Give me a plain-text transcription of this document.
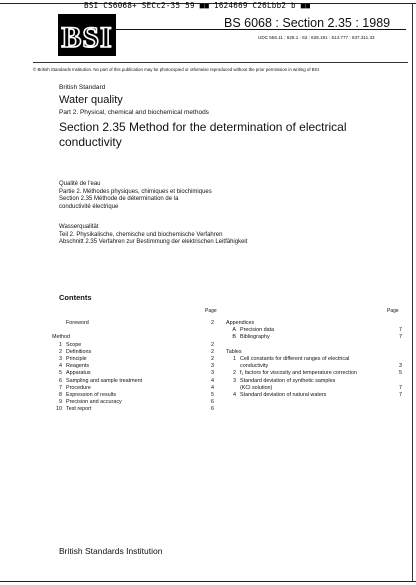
BSI CS6068+ SECc2-35 59 ■■ 1624669 C26Lbb2 b ■■
BSI	BS 6068 : Section 2.35 : 1989
UDC 556.11 : 628.1 : 63 : 628.191 : 614.777 : 537.311.33
© British Standards Institution. No part of this publication may be photocopied or otherwise reproduced without the prior permission in writing of BSI
British Standard
Water quality
Part 2. Physical, chemical and biochemical methods
Section 2.35 Method for the determination of electrical conductivity
Qualité de l'eau
Partie 2. Méthodes physiques, chimiques et biochimiques
Section 2.35 Méthode de détermination de la
conductivité électrique
Wasserqualität
Teil 2. Physikalische, chemische und biochemische Verfahren
Abschnitt 2.35 Verfahren zur Bestimmung der elektrischen Leitfähigkeit
Contents
Page	Page
Foreword	2
Method
1 Scope	2
2 Definitions	2
3 Principle	2
4 Reagents	3
5 Apparatus	3
6 Sampling and sample treatment	4
7 Procedure	4
8 Expression of results	5
9 Precision and accuracy	6
10 Test report	6
Appendices
A Precision data	7
B Bibliography	7
Tables
1 Cell constants for different ranges of electrical
conductivity	3
2 f₁ factors for viscosity and temperature correction	5
3 Standard deviation of synthetic samples
(KCl solution)	7
4 Standard deviation of natural waters	7
British Standards Institution
